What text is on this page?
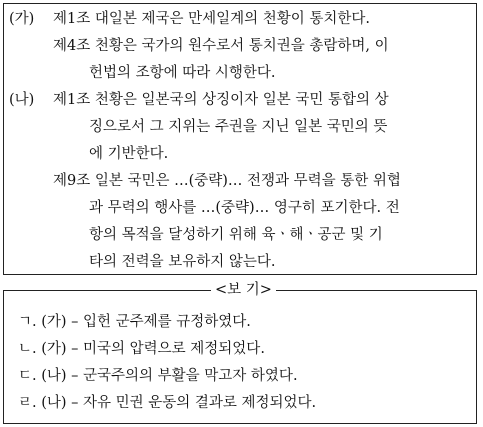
(가) 제1조 대일본 제국은 만세일계의 천황이 통치한다.
제4조 천황은 국가의 원수로서 통치권을 총람하며, 이
헌법의 조항에 따라 시행한다.
(나) 제1조 천황은 일본국의 상징이자 일본 국민 통합의 상
징으로서 그 지위는 주권을 지닌 일본 국민의 뜻
에 기반한다.
제9조 일본 국민은 …(중략)… 전쟁과 무력을 통한 위협
과 무력의 행사를 …(중략)… 영구히 포기한다. 전
항의 목적을 달성하기 위해 육ㆍ해ㆍ공군 및 기
타의 전력을 보유하지 않는다.
<보 기>
ㄱ. (가) – 입헌 군주제를 규정하였다.
ㄴ. (가) – 미국의 압력으로 제정되었다.
ㄷ. (나) – 군국주의의 부활을 막고자 하였다.
ㄹ. (나) – 자유 민권 운동의 결과로 제정되었다.
